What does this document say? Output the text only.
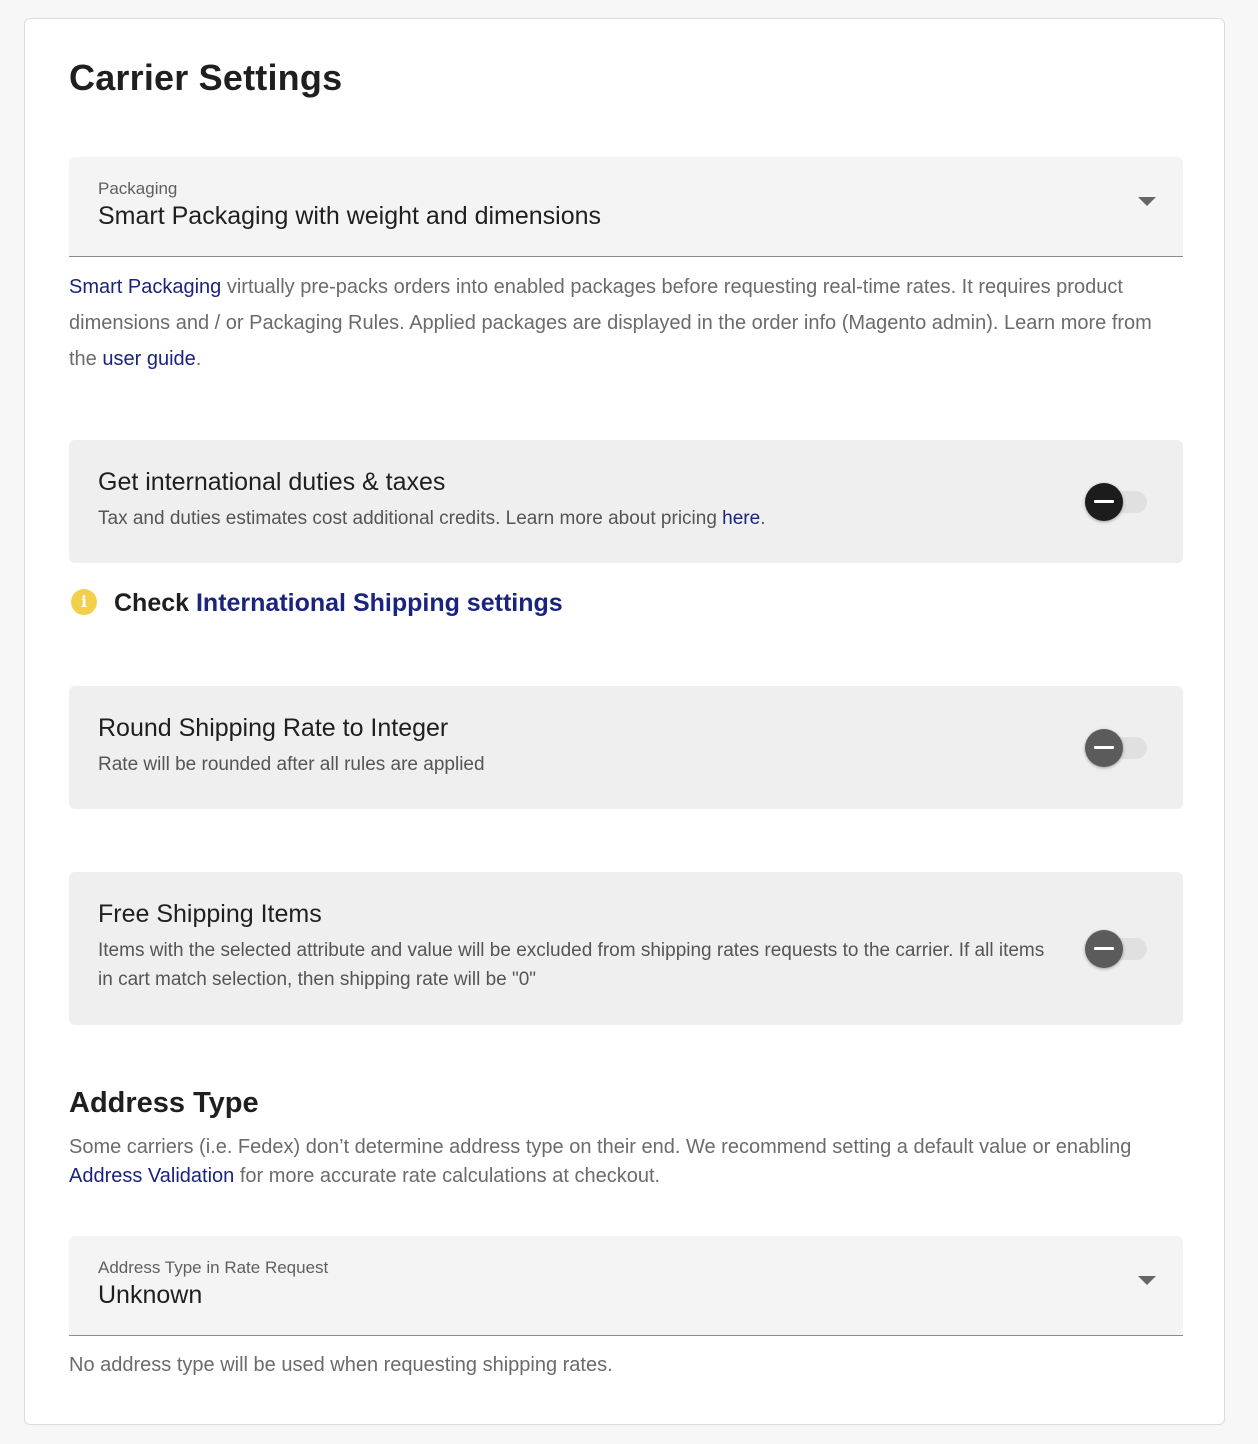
Carrier Settings
Packaging
Smart Packaging with weight and dimensions

Smart Packaging virtually pre-packs orders into enabled packages before requesting real-time rates. It requires product dimensions and / or Packaging Rules. Applied packages are displayed in the order info (Magento admin). Learn more from the user guide.

Get international duties & taxes
Tax and duties estimates cost additional credits. Learn more about pricing here.
i	Check International Shipping settings
Round Shipping Rate to Integer
Rate will be rounded after all rules are applied
Free Shipping Items
Items with the selected attribute and value will be excluded from shipping rates requests to the carrier. If all items in cart match selection, then shipping rate will be "0"
Address Type

Some carriers (i.e. Fedex) don’t determine address type on their end. We recommend setting a default value or enabling Address Validation for more accurate rate calculations at checkout.

Address Type in Rate Request
Unknown

No address type will be used when requesting shipping rates.
